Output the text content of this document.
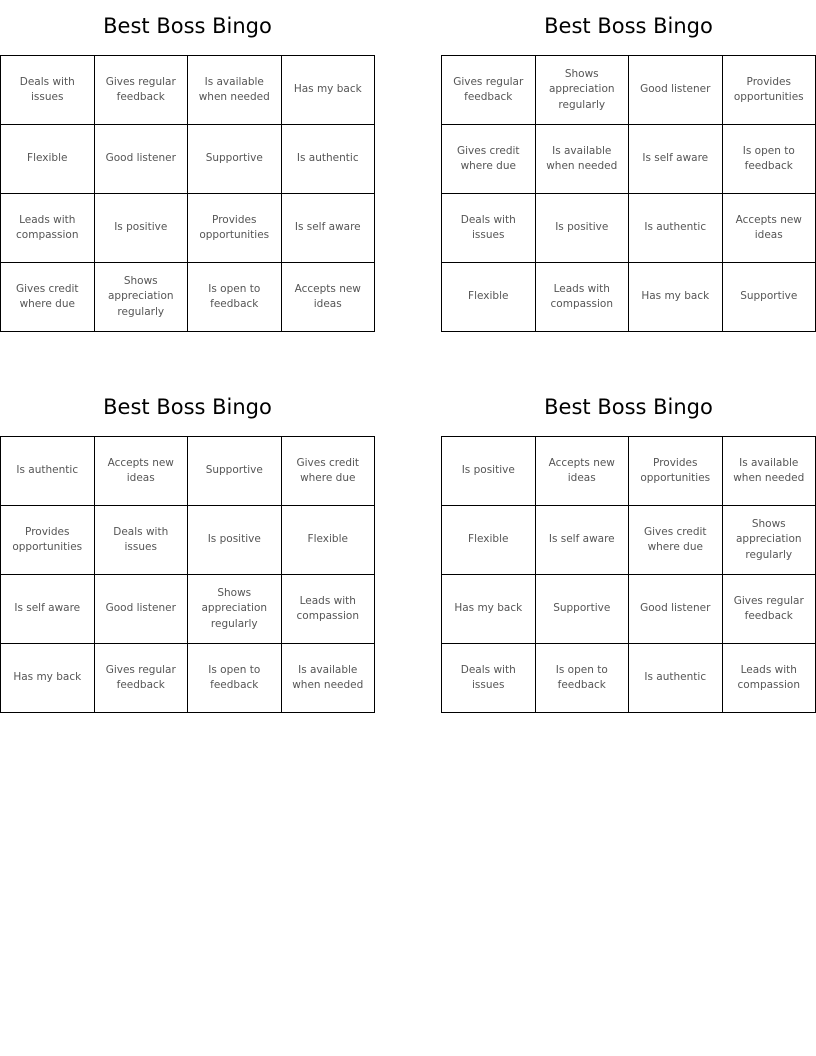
Best Boss Bingo
Deals with issues	Gives regular feedback	Is available when needed	Has my back
Flexible	Good listener	Supportive	Is authentic
Leads with compassion	Is positive	Provides opportunities	Is self aware
Gives credit where due	Shows appreciation regularly	Is open to feedback	Accepts new ideas
Best Boss Bingo
Gives regular feedback	Shows appreciation regularly	Good listener	Provides opportunities
Gives credit where due	Is available when needed	Is self aware	Is open to feedback
Deals with issues	Is positive	Is authentic	Accepts new ideas
Flexible	Leads with compassion	Has my back	Supportive
Best Boss Bingo
Is authentic	Accepts new ideas	Supportive	Gives credit where due
Provides opportunities	Deals with issues	Is positive	Flexible
Is self aware	Good listener	Shows appreciation regularly	Leads with compassion
Has my back	Gives regular feedback	Is open to feedback	Is available when needed
Best Boss Bingo
Is positive	Accepts new ideas	Provides opportunities	Is available when needed
Flexible	Is self aware	Gives credit where due	Shows appreciation regularly
Has my back	Supportive	Good listener	Gives regular feedback
Deals with issues	Is open to feedback	Is authentic	Leads with compassion
